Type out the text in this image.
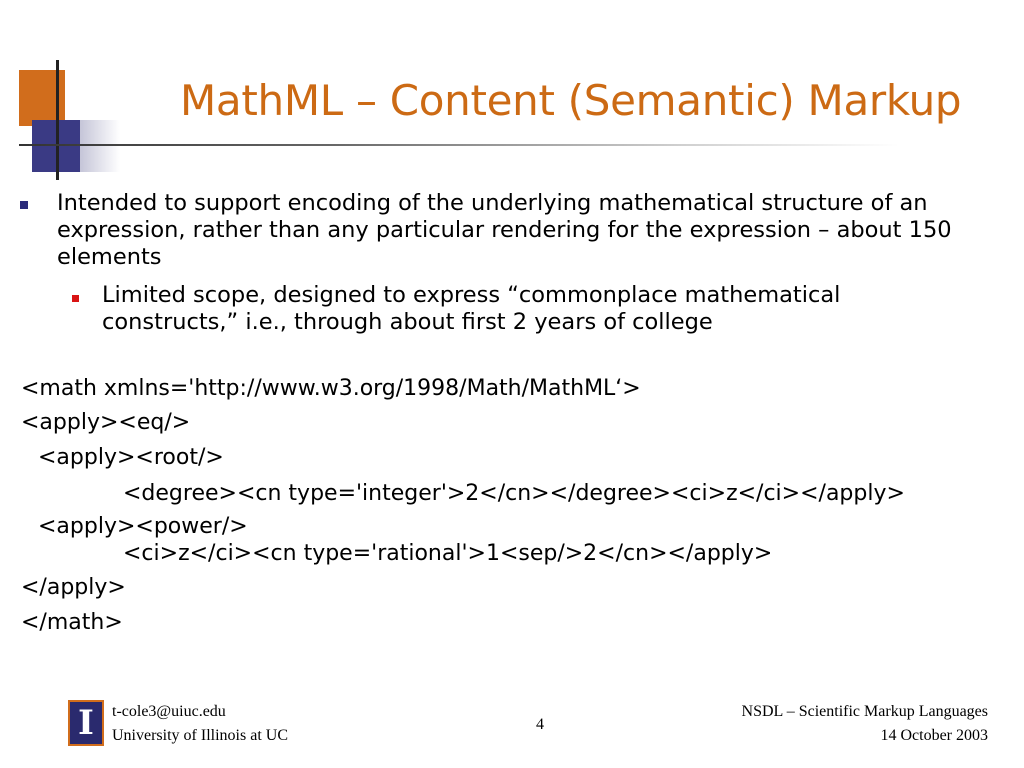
MathML – Content (Semantic) Markup
Intended to support encoding of the underlying mathematical structure of an expression, rather than any particular rendering for the expression – about 150 elements
Limited scope, designed to express “commonplace mathematical constructs,” i.e., through about first 2 years of college
<math xmlns='http://www.w3.org/1998/Math/MathML‘>
<apply><eq/>
<apply><root/>
<degree><cn type='integer'>2</cn></degree><ci>z</ci></apply>
<apply><power/>
<ci>z</ci><cn type='rational'>1<sep/>2</cn></apply>
</apply>
</math>
I	t-cole3@uiuc.edu
University of Illinois at UC
4
NSDL – Scientific Markup Languages
14 October 2003
